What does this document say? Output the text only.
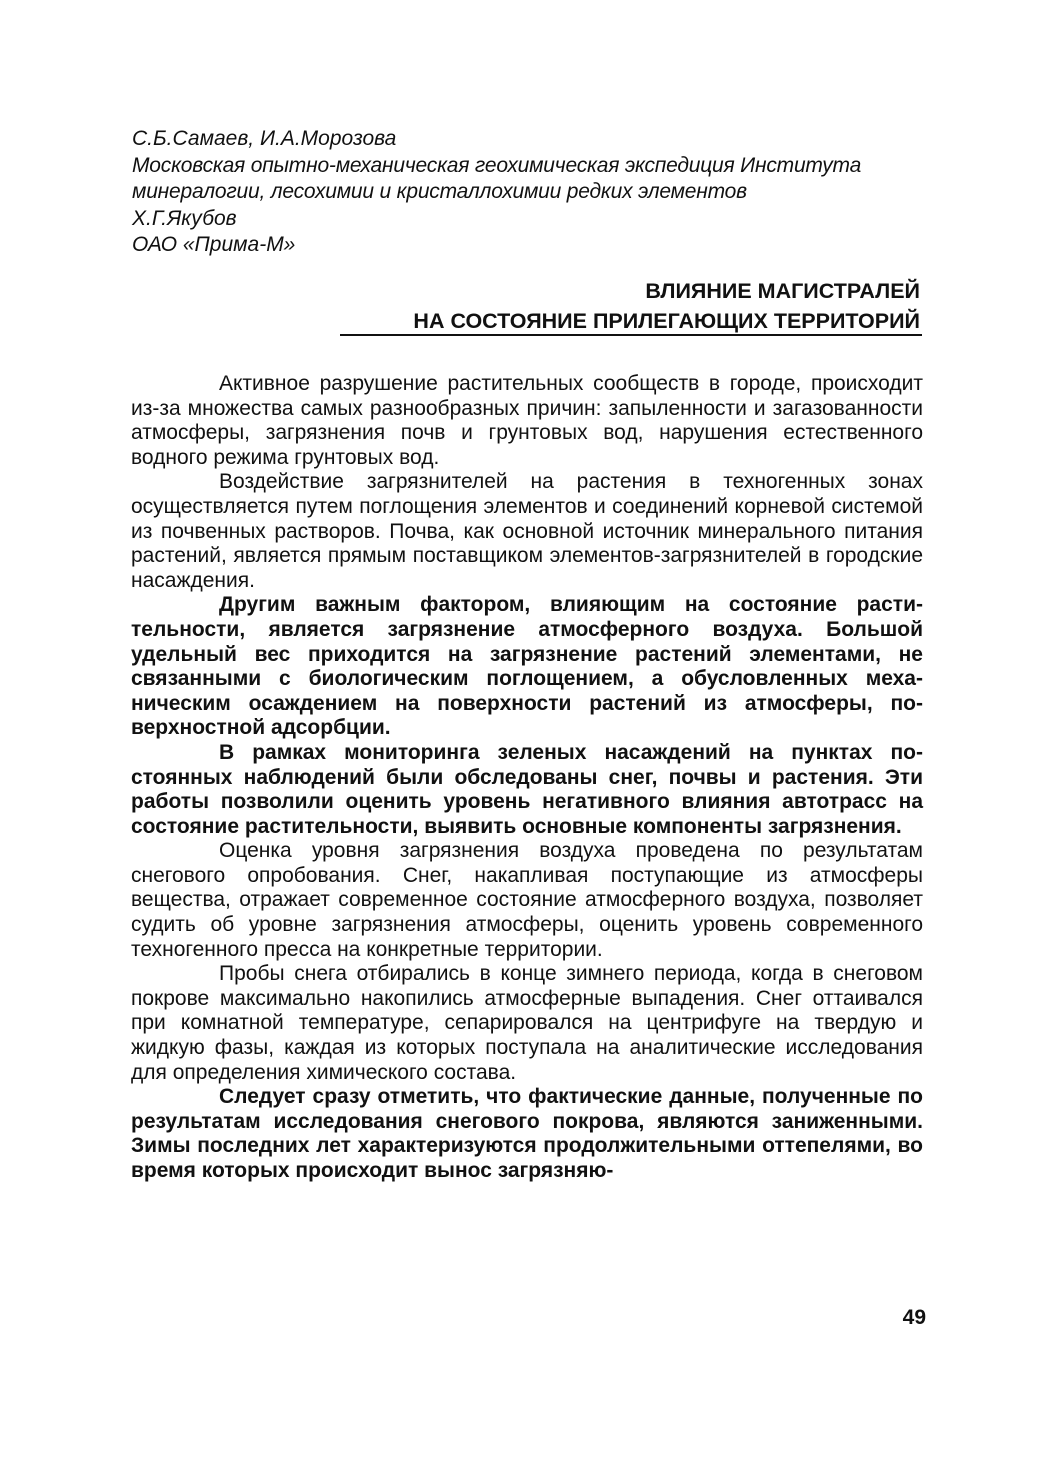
С.Б.Самаев, И.А.Морозова
Московская опытно-механическая геохимическая экспедиция Института
минералогии, лесохимии и кристаллохимии редких элементов
Х.Г.Якубов
ОАО «Прима-М»
ВЛИЯНИЕ МАГИСТРАЛЕЙ
НА СОСТОЯНИЕ ПРИЛЕГАЮЩИХ ТЕРРИТОРИЙ

Активное разрушение растительных сообществ в городе, происходит из-за множества самых разнообразных причин: запыленности и загазованности атмосферы, загрязнения почв и грунтовых вод, нарушения естественного водного режима грунтовых вод.

Воздействие загрязнителей на растения в техногенных зонах осуществляется путем поглощения элементов и соединений корневой системой из почвенных растворов. Почва, как основной источник минерального питания растений, является прямым поставщиком элементов-загрязнителей в городские насаждения.

Другим важным фактором, влияющим на состояние растительности, является загрязнение атмосферного воздуха. Большой удельный вес приходится на загрязнение растений элементами, не связанными с биологическим поглощением, а обусловленных механическим осаждением на поверхности растений из атмосферы, поверхностной адсорбции.

В рамках мониторинга зеленых насаждений на пунктах постоянных наблюдений были обследованы снег, почвы и растения. Эти работы позволили оценить уровень негативного влияния автотрасс на состояние растительности, выявить основные компоненты загрязнения.

Оценка уровня загрязнения воздуха проведена по результатам снегового опробования. Снег, накапливая поступающие из атмосферы вещества, отражает современное состояние атмосферного воздуха, позволяет судить об уровне загрязнения атмосферы, оценить уровень современного техногенного пресса на конкретные территории.

Пробы снега отбирались в конце зимнего периода, когда в снеговом покрове максимально накопились атмосферные выпадения. Снег оттаивался при комнатной температуре, сепарировался на центрифуге на твердую и жидкую фазы, каждая из которых поступала на аналитические исследования для определения химического состава.

Следует сразу отметить, что фактические данные, полученные по результатам исследования снегового покрова, являются заниженными. Зимы последних лет характеризуются продолжительными оттепелями, во время которых происходит вынос загрязняю-

49
